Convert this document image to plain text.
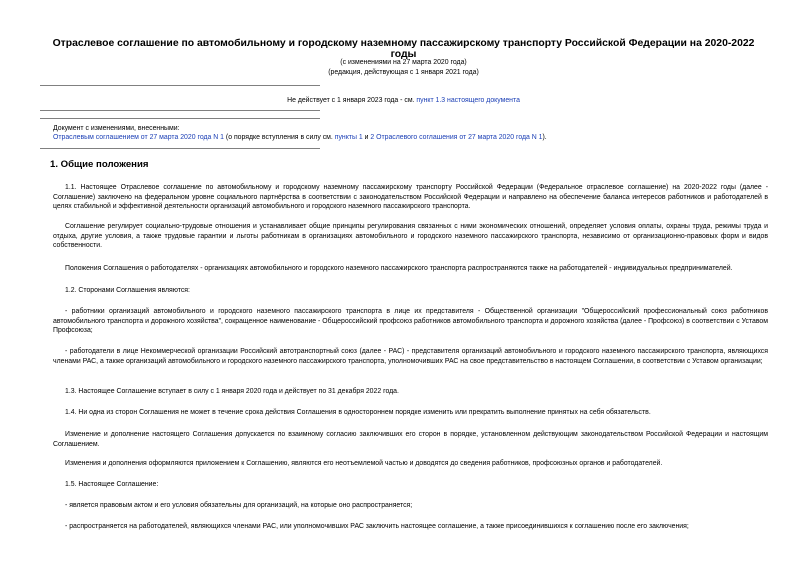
Отраслевое соглашение по автомобильному и городскому наземному пассажирскому транспорту Российской Федерации на 2020-2022 годы
(с изменениями на 27 марта 2020 года)
(редакция, действующая с 1 января 2021 года)
Не действует с 1 января 2023 года - см. пункт 1.3 настоящего документа
Документ с изменениями, внесенными:
Отраслевым соглашением от 27 марта 2020 года N 1 (о порядке вступления в силу см. пункты 1 и 2 Отраслевого соглашения от 27 марта 2020 года N 1).
1. Общие положения

1.1. Настоящее Отраслевое соглашение по автомобильному и городскому наземному пассажирскому транспорту Российской Федерации (Федеральное отраслевое соглашение) на 2020-2022 годы (далее - Соглашение) заключено на федеральном уровне социального партнёрства в соответствии с законодательством Российской Федерации и направлено на обеспечение баланса интересов работников и работодателей в целях стабильной и эффективной деятельности организаций автомобильного и городского наземного пассажирского транспорта.

Соглашение регулирует социально-трудовые отношения и устанавливает общие принципы регулирования связанных с ними экономических отношений, определяет условия оплаты, охраны труда, режимы труда и отдыха, другие условия, а также трудовые гарантии и льготы работникам в организациях автомобильного и городского наземного пассажирского транспорта, независимо от организационно-правовых форм и видов собственности.

Положения Соглашения о работодателях - организациях автомобильного и городского наземного пассажирского транспорта распространяются также на работодателей - индивидуальных предпринимателей.

1.2. Сторонами Соглашения являются:

- работники организаций автомобильного и городского наземного пассажирского транспорта в лице их представителя - Общественной организации "Общероссийский профессиональный союз работников автомобильного транспорта и дорожного хозяйства", сокращенное наименование - Общероссийский профсоюз работников автомобильного транспорта и дорожного хозяйства (далее - Профсоюз) в соответствии с Уставом Профсоюза;

- работодатели в лице Некоммерческой организации Российский автотранспортный союз (далее - РАС) - представителя организаций автомобильного и городского наземного пассажирского транспорта, являющихся членами РАС, а также организаций автомобильного и городского наземного пассажирского транспорта, уполномочивших РАС на свое представительство в настоящем Соглашении, в соответствии с Уставом организации;

1.3. Настоящее Соглашение вступает в силу с 1 января 2020 года и действует по 31 декабря 2022 года.

1.4. Ни одна из сторон Соглашения не может в течение срока действия Соглашения в одностороннем порядке изменить или прекратить выполнение принятых на себя обязательств.

Изменение и дополнение настоящего Соглашения допускается по взаимному согласию заключивших его сторон в порядке, установленном действующим законодательством Российской Федерации и настоящим Соглашением.

Изменения и дополнения оформляются приложением к Соглашению, являются его неотъемлемой частью и доводятся до сведения работников, профсоюзных органов и работодателей.

1.5. Настоящее Соглашение:

- является правовым актом и его условия обязательны для организаций, на которые оно распространяется;

- распространяется на работодателей, являющихся членами РАС, или уполномочивших РАС заключить настоящее соглашение, а также присоединившихся к соглашению после его заключения;
